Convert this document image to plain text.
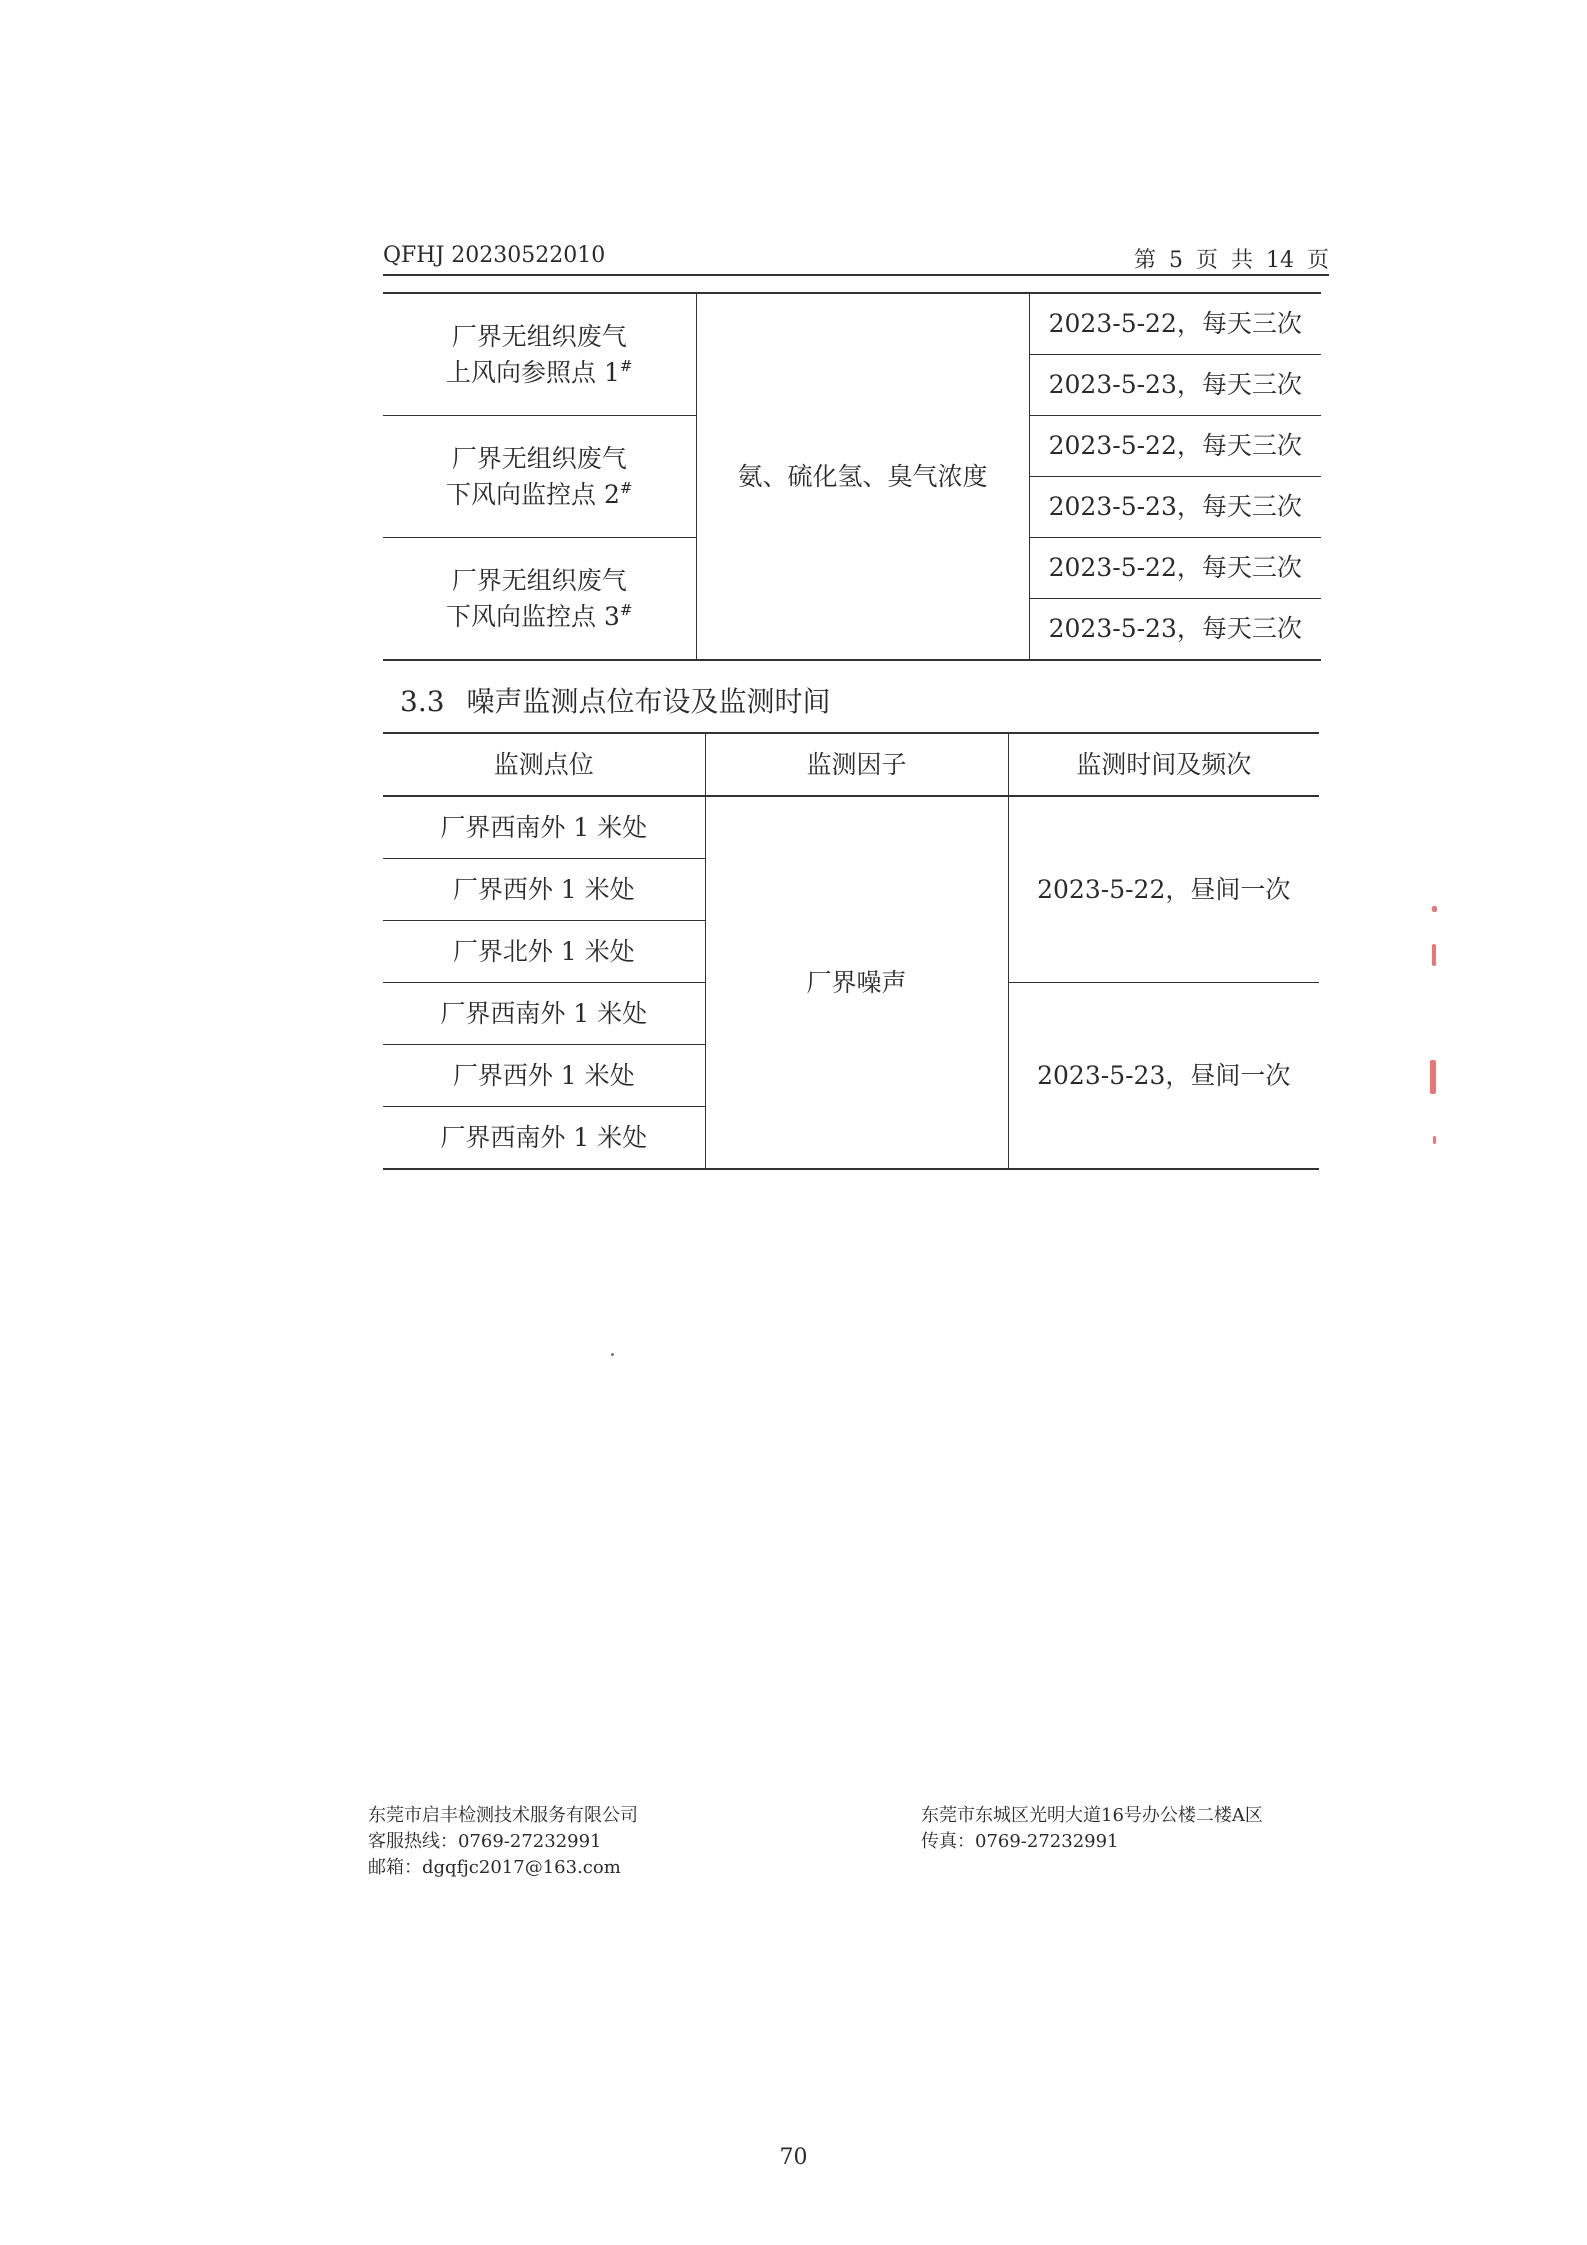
QFHJ 20230522010	第 5 页 共 14 页
厂界无组织废气
上风向参照点 1#	氨、硫化氢、臭气浓度	2023-5-22，每天三次
		2023-5-23，每天三次

厂界无组织废气
下风向监控点 2#		2023-5-22，每天三次
		2023-5-23，每天三次

厂界无组织废气
下风向监控点 3#		2023-5-22，每天三次
		2023-5-23，每天三次
3.3 噪声监测点位布设及监测时间
监测点位	监测因子	监测时间及频次
厂界西南外 1 米处	厂界噪声	2023-5-22，昼间一次
厂界西外 1 米处		
厂界北外 1 米处		
厂界西南外 1 米处		2023-5-23，昼间一次
厂界西外 1 米处		
厂界西南外 1 米处		
东莞市启丰检测技术服务有限公司
客服热线：0769-27232991
邮箱：dgqfjc2017@163.com
东莞市东城区光明大道16号办公楼二楼A区
传真：0769-27232991
70
